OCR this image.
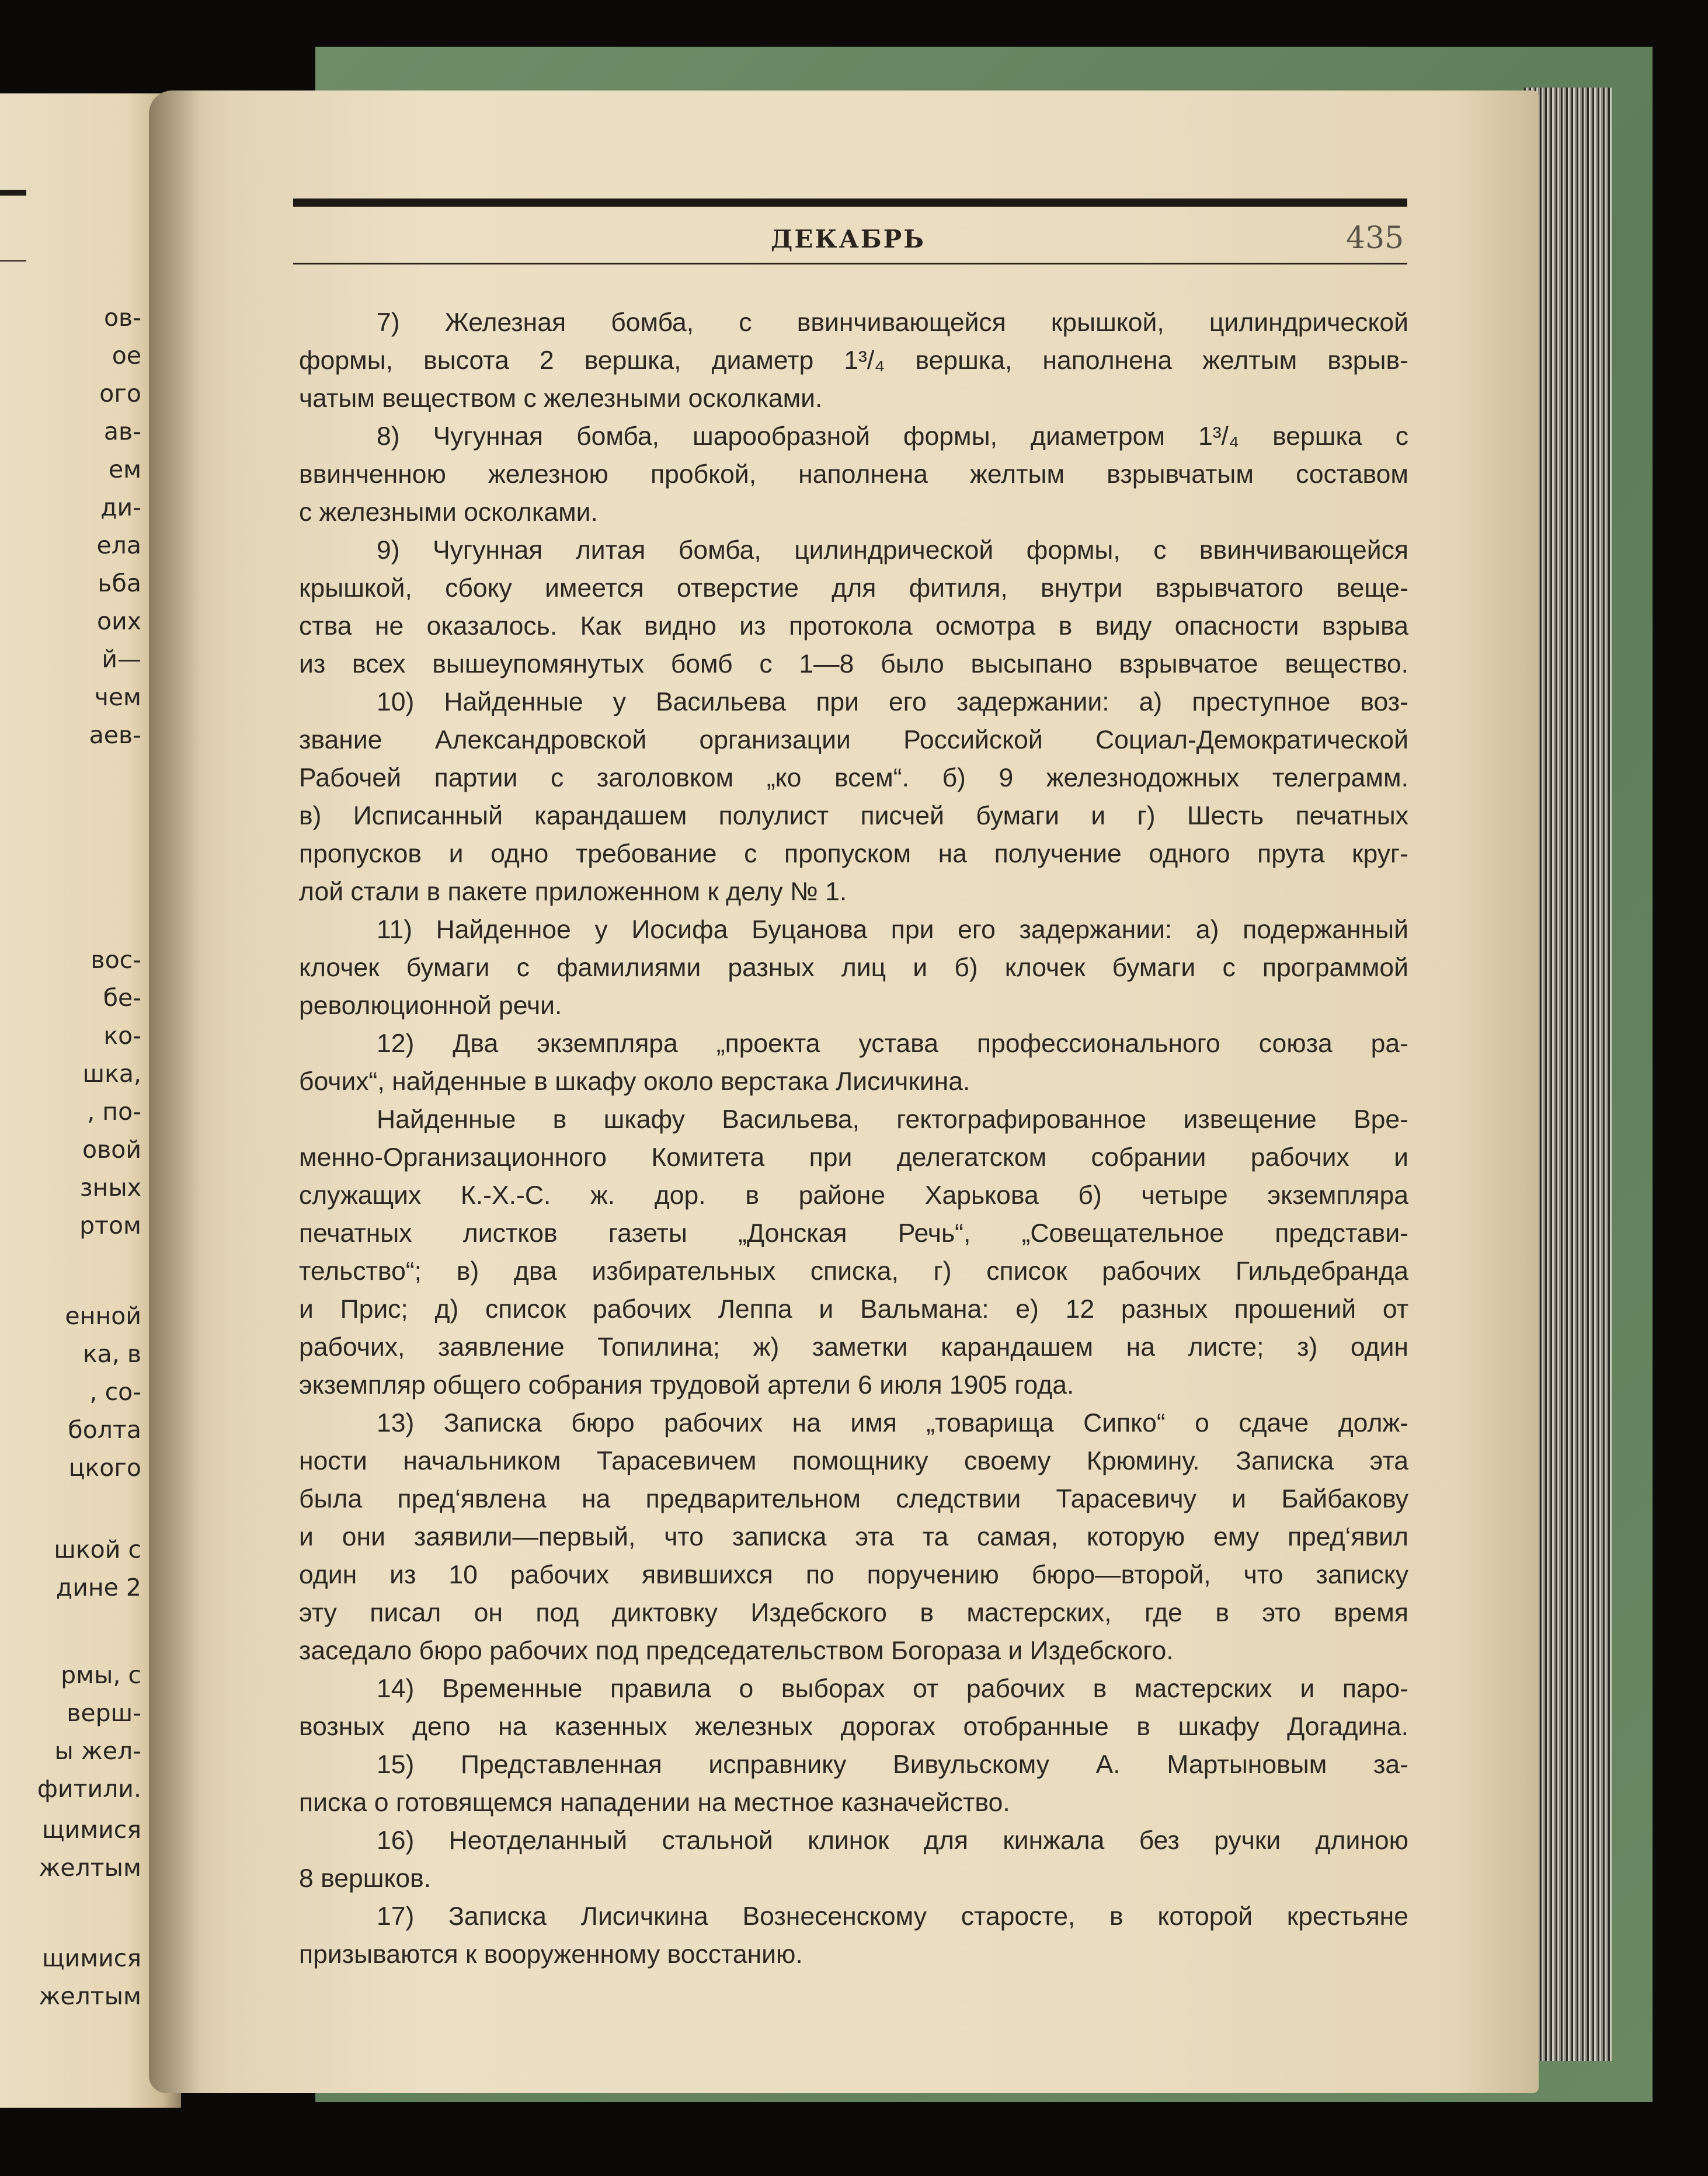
ов-
ое
ого
ав-
ем
ди-
ела
ьба
оих
й—
чем
аев-
вос-
бе-
ко-
шка,
, по-
овой
зных
ртом
енной
ка, в
, со-
болта
цкого
шкой с
дине 2
рмы, с
верш-
ы жел-
фитили.
щимися
желтым
щимися
желтым
ДЕКАБРЬ	435
7) Железная бомба, с ввинчивающейся крышкой, цилиндрической
формы, высота 2 вершка, диаметр 1³/₄ вершка, наполнена желтым взрыв-
чатым веществом с железными осколками.
8) Чугунная бомба, шарообразной формы, диаметром 1³/₄ вершка с
ввинченною железною пробкой, наполнена желтым взрывчатым составом
с железными осколками.
9) Чугунная литая бомба, цилиндрической формы, с ввинчивающейся
крышкой, сбоку имеется отверстие для фитиля, внутри взрывчатого веще-
ства не оказалось. Как видно из протокола осмотра в виду опасности взрыва
из всех вышеупомянутых бомб с 1—8 было высыпано взрывчатое вещество.
10) Найденные у Васильева при его задержании: а) преступное воз-
звание Александровской организации Российской Социал-Демократической
Рабочей партии с заголовком „ко всем“. б) 9 железнодожных телеграмм.
в) Исписанный карандашем полулист писчей бумаги и г) Шесть печатных
пропусков и одно требование с пропуском на получение одного прута круг-
лой стали в пакете приложенном к делу № 1.
11) Найденное у Иосифа Буцанова при его задержании: а) подержанный
клочек бумаги с фамилиями разных лиц и б) клочек бумаги с программой
революционной речи.
12) Два экземпляра „проекта устава профессионального союза ра-
бочих“, найденные в шкафу около верстака Лисичкина.
Найденные в шкафу Васильева, гектографированное извещение Вре-
менно-Организационного Комитета при делегатском собрании рабочих и
служащих К.-Х.-С. ж. дор. в районе Харькова б) четыре экземпляра
печатных листков газеты „Донская Речь“, „Совещательное представи-
тельство“; в) два избирательных списка, г) список рабочих Гильдебранда
и Прис; д) список рабочих Леппа и Вальмана: е) 12 разных прошений от
рабочих, заявление Топилина; ж) заметки карандашем на листе; з) один
экземпляр общего собрания трудовой артели 6 июля 1905 года.
13) Записка бюро рабочих на имя „товарища Сипко“ о сдаче долж-
ности начальником Тарасевичем помощнику своему Крюмину. Записка эта
была пред‘явлена на предварительном следствии Тарасевичу и Байбакову
и они заявили—первый, что записка эта та самая, которую ему пред‘явил
один из 10 рабочих явившихся по поручению бюро—второй, что записку
эту писал он под диктовку Издебского в мастерских, где в это время
заседало бюро рабочих под председательством Богораза и Издебского.
14) Временные правила о выборах от рабочих в мастерских и паро-
возных депо на казенных железных дорогах отобранные в шкафу Догадина.
15) Представленная исправнику Вивульскому А. Мартыновым за-
писка о готовящемся нападении на местное казначейство.
16) Неотделанный стальной клинок для кинжала без ручки длиною
8 вершков.
17) Записка Лисичкина Вознесенскому старосте, в которой крестьяне
призываются к вооруженному восстанию.
